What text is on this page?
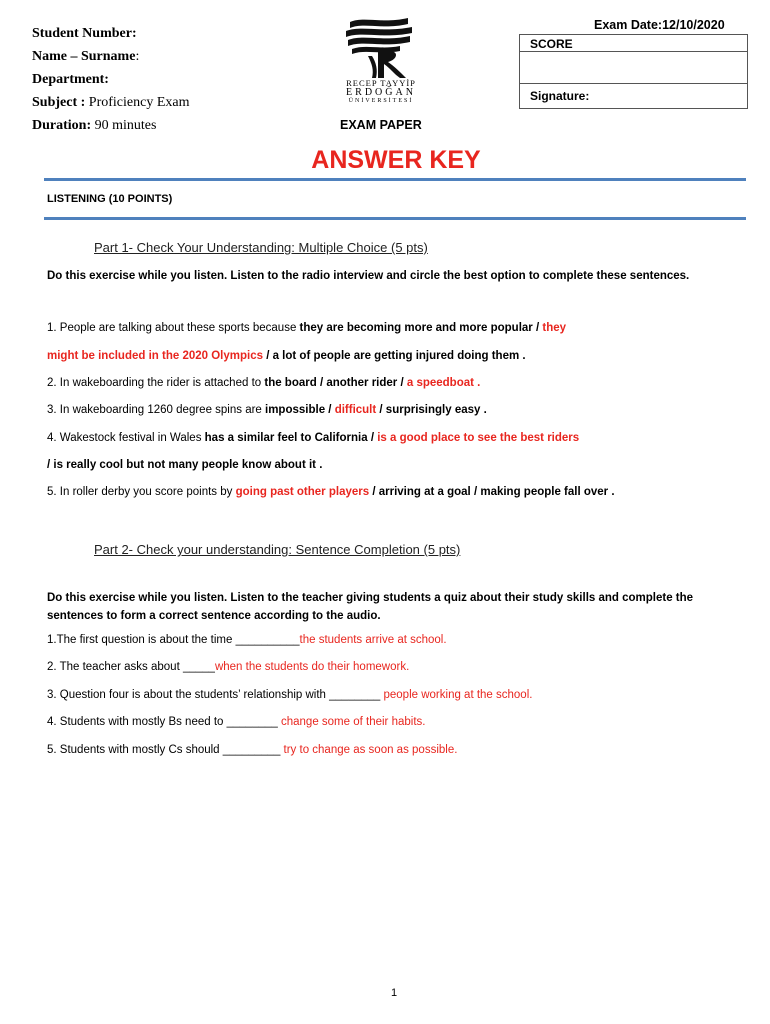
Student Number:
Name – Surname:
Department:
Subject : Proficiency Exam
Duration: 90 minutes
RECEP TAYYİP
ERDOĞAN
ÜNİVERSİTESİ
EXAM PAPER
Exam Date:12/10/2020
SCORE
Signature:
ANSWER KEY
LISTENING (10 POINTS)
Part 1- Check Your Understanding: Multiple Choice (5 pts)
Do this exercise while you listen. Listen to the radio interview and circle the best option to complete these sentences.
1. People are talking about these sports because they are becoming more and more popular / they
might be included in the 2020 Olympics / a lot of people are getting injured doing them .
2. In wakeboarding the rider is attached to the board / another rider / a speedboat .
3. In wakeboarding 1260 degree spins are impossible / difficult / surprisingly easy .
4. Wakestock festival in Wales has a similar feel to California / is a good place to see the best riders
/ is really cool but not many people know about it .
5. In roller derby you score points by going past other players / arriving at a goal / making people fall over .
Part 2- Check your understanding: Sentence Completion (5 pts)
Do this exercise while you listen. Listen to the teacher giving students a quiz about their study skills and complete the sentences to form a correct sentence according to the audio.
1.The first question is about the time __________the students arrive at school.
2. The teacher asks about _____when the students do their homework.
3. Question four is about the students’ relationship with ________ people working at the school.
4. Students with mostly Bs need to ________ change some of their habits.
5. Students with mostly Cs should _________ try to change as soon as possible.
1
